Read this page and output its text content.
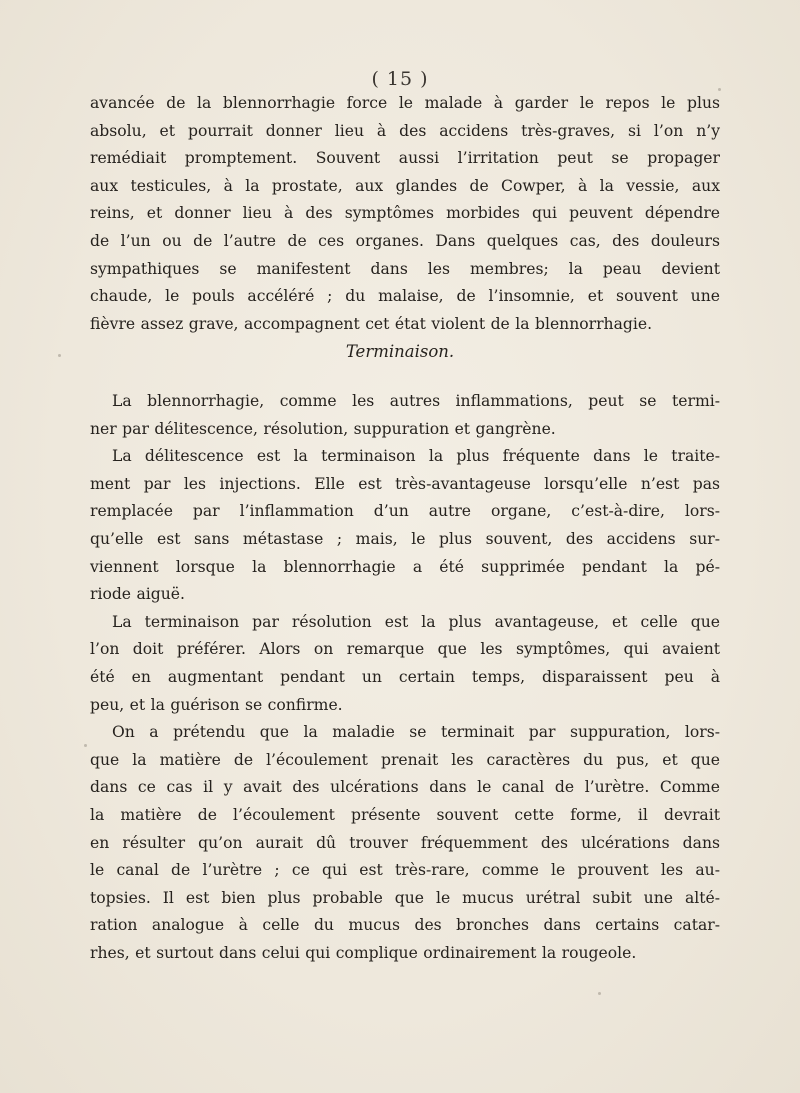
( 15 )
avancée de la blennorrhagie force le malade à garder le repos le plus
absolu, et pourrait donner lieu à des accidens très-graves, si l’on n’y
remédiait promptement. Souvent aussi l’irritation peut se propager
aux testicules, à la prostate, aux glandes de Cowper, à la vessie, aux
reins, et donner lieu à des symptômes morbides qui peuvent dépendre
de l’un ou de l’autre de ces organes. Dans quelques cas, des douleurs
sympathiques se manifestent dans les membres; la peau devient
chaude, le pouls accéléré ; du malaise, de l’insomnie, et souvent une
fièvre assez grave, accompagnent cet état violent de la blennorrhagie.
Terminaison.
La blennorrhagie, comme les autres inflammations, peut se termi-
ner par délitescence, résolution, suppuration et gangrène.
La délitescence est la terminaison la plus fréquente dans le traite-
ment par les injections. Elle est très-avantageuse lorsqu’elle n’est pas
remplacée par l’inflammation d’un autre organe, c’est-à-dire, lors-
qu’elle est sans métastase ; mais, le plus souvent, des accidens sur-
viennent lorsque la blennorrhagie a été supprimée pendant la pé-
riode aiguë.
La terminaison par résolution est la plus avantageuse, et celle que
l’on doit préférer. Alors on remarque que les symptômes, qui avaient
été en augmentant pendant un certain temps, disparaissent peu à
peu, et la guérison se confirme.
On a prétendu que la maladie se terminait par suppuration, lors-
que la matière de l’écoulement prenait les caractères du pus, et que
dans ce cas il y avait des ulcérations dans le canal de l’urètre. Comme
la matière de l’écoulement présente souvent cette forme, il devrait
en résulter qu’on aurait dû trouver fréquemment des ulcérations dans
le canal de l’urètre ; ce qui est très-rare, comme le prouvent les au-
topsies. Il est bien plus probable que le mucus urétral subit une alté-
ration analogue à celle du mucus des bronches dans certains catar-
rhes, et surtout dans celui qui complique ordinairement la rougeole.
